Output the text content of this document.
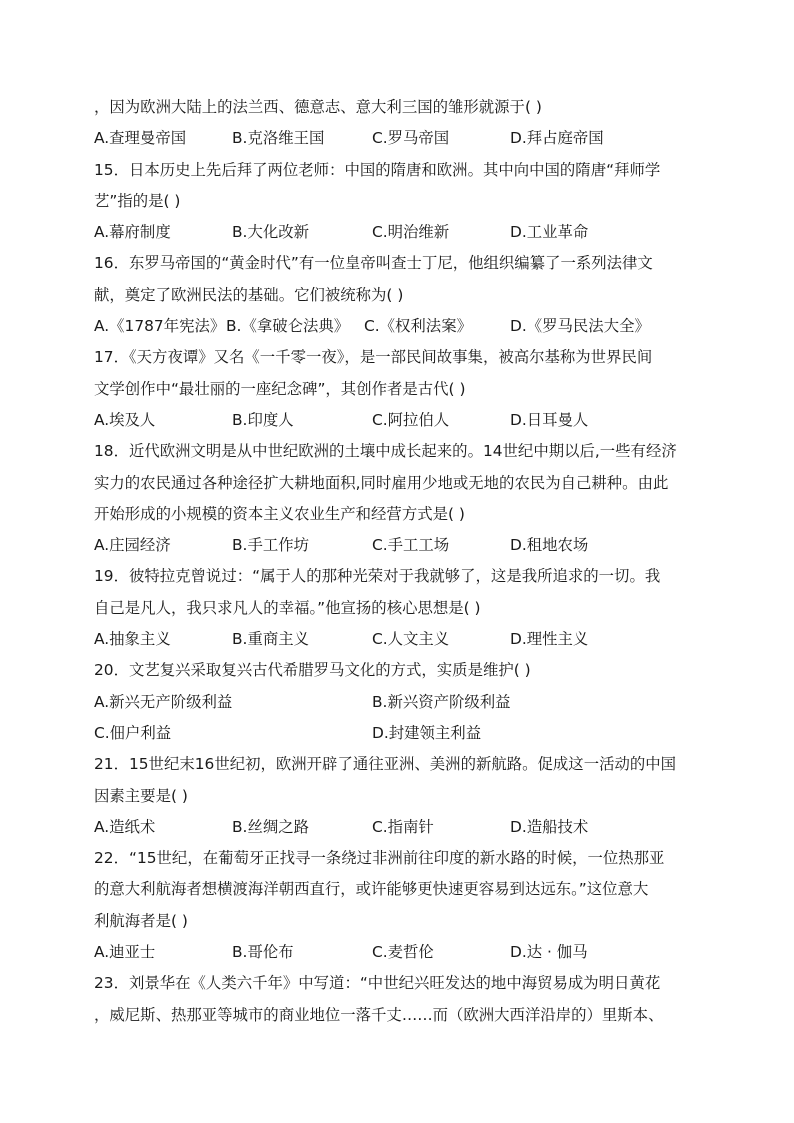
，因为欧洲大陆上的法兰西、德意志、意大利三国的雏形就源于( )
A.查理曼帝国	B.克洛维王国	C.罗马帝国	D.拜占庭帝国
15．日本历史上先后拜了两位老师：中国的隋唐和欧洲。其中向中国的隋唐“拜师学
艺”指的是( )
A.幕府制度	B.大化改新	C.明治维新	D.工业革命
16．东罗马帝国的“黄金时代”有一位皇帝叫查士丁尼，他组织编纂了一系列法律文
献，奠定了欧洲民法的基础。它们被统称为( )
A.《1787年宪法》 B.《拿破仑法典》 C.《权利法案》 D.《罗马民法大全》
17．《天方夜谭》又名《一千零一夜》，是一部民间故事集，被高尔基称为世界民间
文学创作中“最壮丽的一座纪念碑”，其创作者是古代( )
A.埃及人	B.印度人	C.阿拉伯人	D.日耳曼人
18．近代欧洲文明是从中世纪欧洲的土壤中成长起来的。14世纪中期以后,一些有经济
实力的农民通过各种途径扩大耕地面积,同时雇用少地或无地的农民为自己耕种。由此
开始形成的小规模的资本主义农业生产和经营方式是( )
A.庄园经济	B.手工作坊	C.手工工场	D.租地农场
19．彼特拉克曾说过：“属于人的那种光荣对于我就够了，这是我所追求的一切。我
自己是凡人，我只求凡人的幸福。”他宣扬的核心思想是( )
A.抽象主义	B.重商主义	C.人文主义	D.理性主义
20．文艺复兴采取复兴古代希腊罗马文化的方式，实质是维护( )
A.新兴无产阶级利益	B.新兴资产阶级利益
C.佃户利益	D.封建领主利益
21．15世纪末16世纪初，欧洲开辟了通往亚洲、美洲的新航路。促成这一活动的中国
因素主要是( )
A.造纸术	B.丝绸之路	C.指南针	D.造船技术
22．“15世纪，在葡萄牙正找寻一条绕过非洲前往印度的新水路的时候，一位热那亚
的意大利航海者想横渡海洋朝西直行，或许能够更快速更容易到达远东。”这位意大
利航海者是( )
A.迪亚士	B.哥伦布	C.麦哲伦	D.达 · 伽马
23．刘景华在《人类六千年》中写道：“中世纪兴旺发达的地中海贸易成为明日黄花
，威尼斯、热那亚等城市的商业地位一落千丈……而（欧洲大西洋沿岸的）里斯本、
